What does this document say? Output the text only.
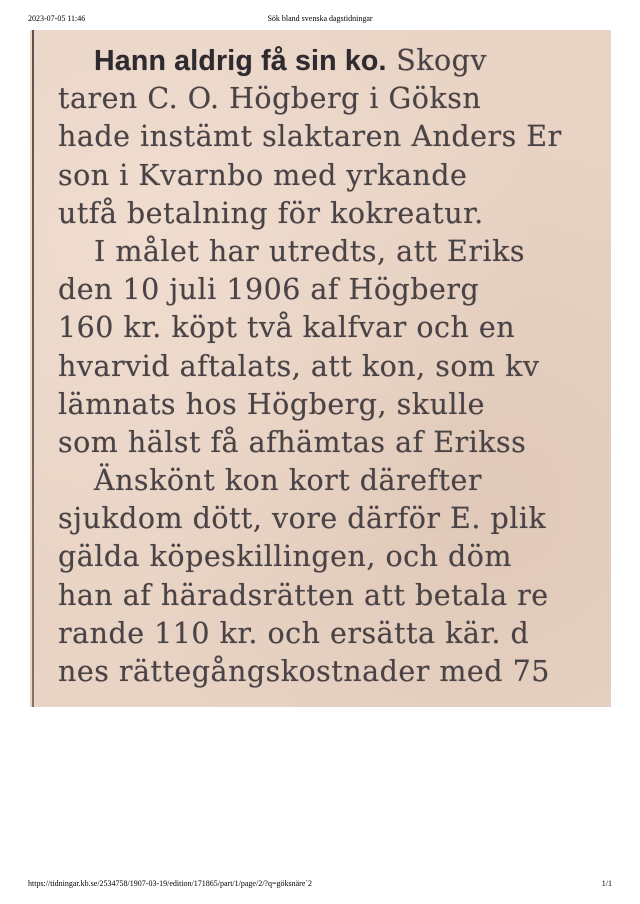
2023-07-05 11:46	Sök bland svenska dagstidningar
Hann aldrig få sin ko. Skogv
taren C. O. Högberg i Göksn
hade instämt slaktaren Anders Er
son i Kvarnbo med yrkande
utfå betalning för kokreatur.
I målet har utredts, att Eriks
den 10 juli 1906 af Högberg
160 kr. köpt två kalfvar och en
hvarvid aftalats, att kon, som kv
lämnats hos Högberg, skulle
som hälst få afhämtas af Erikss
Änskönt kon kort därefter
sjukdom dött, vore därför E. plik
gälda köpeskillingen, och döm
han af häradsrätten att betala re
rande 110 kr. och ersätta kär. d
nes rättegångskostnader med 75
https://tidningar.kb.se/2534758/1907-03-19/edition/171865/part/1/page/2/?q=göksnäre`2	1/1
